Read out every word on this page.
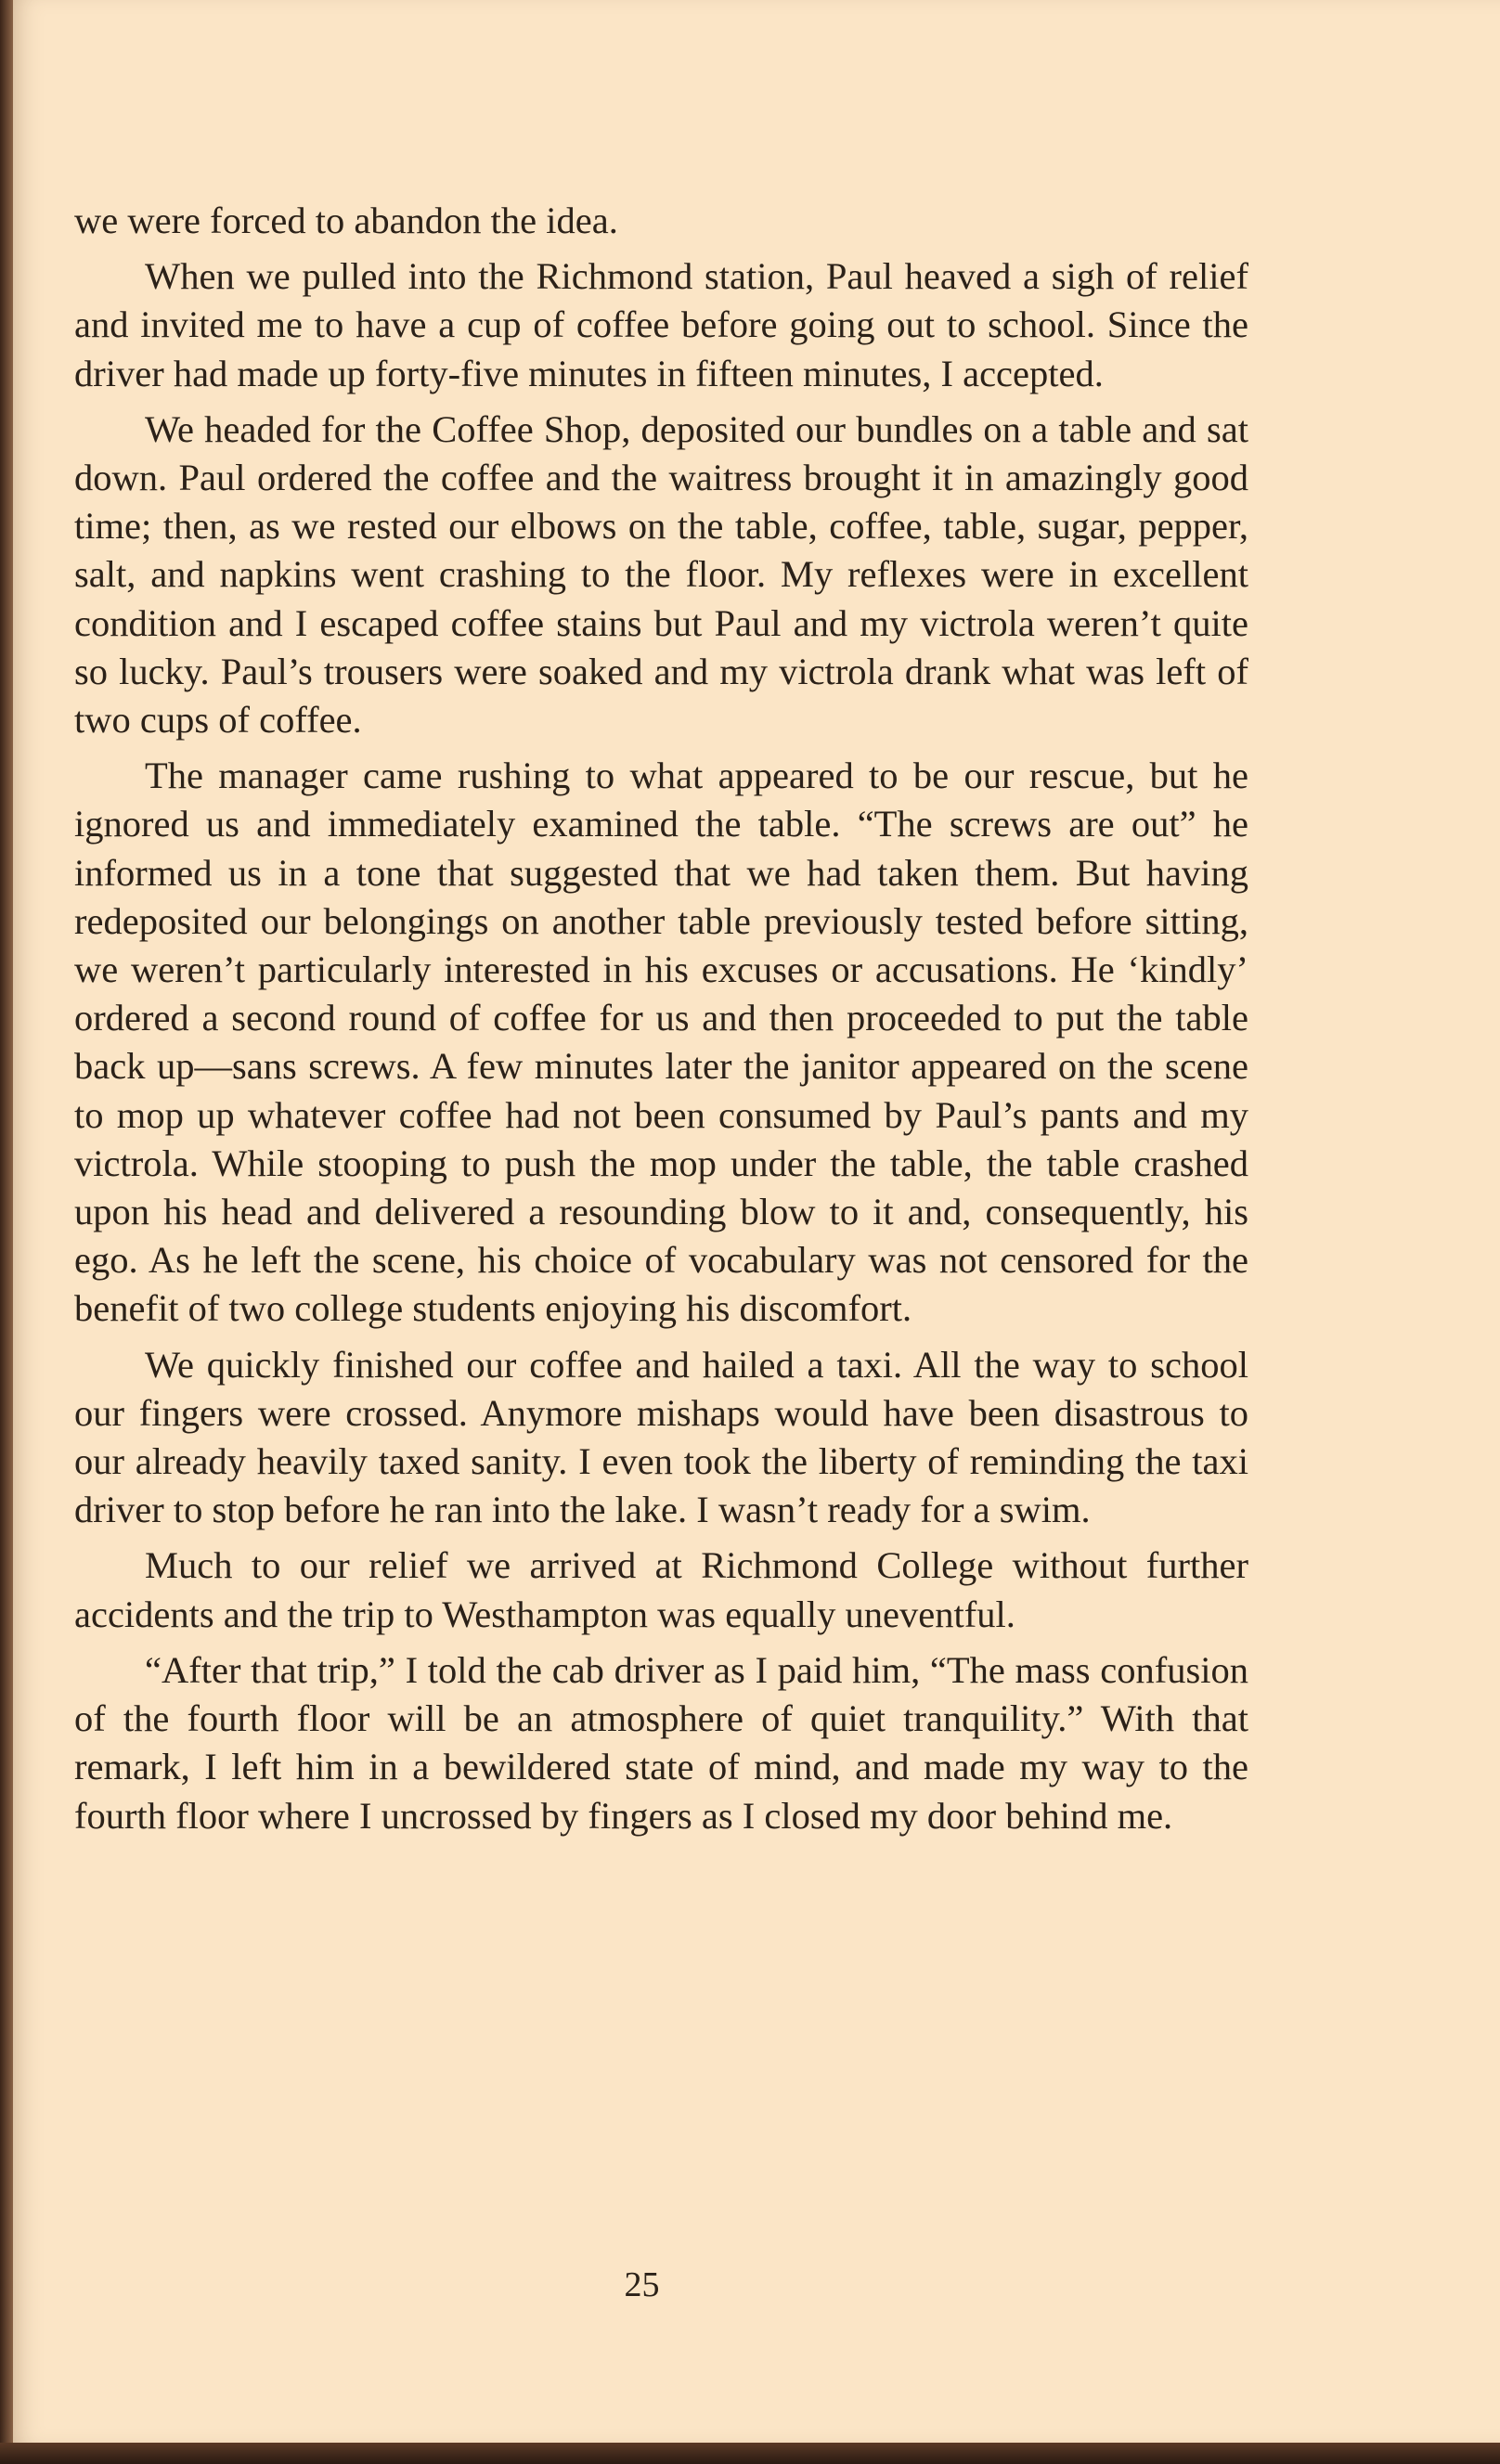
we were forced to abandon the idea.

When we pulled into the Richmond station, Paul heaved a sigh of relief and invited me to have a cup of coffee before going out to school. Since the driver had made up forty-five minutes in fifteen minutes, I accepted.

We headed for the Coffee Shop, deposited our bundles on a table and sat down. Paul ordered the coffee and the waitress brought it in amazingly good time; then, as we rested our elbows on the table, coffee, table, sugar, pepper, salt, and napkins went crashing to the floor. My reflexes were in excellent condition and I escaped coffee stains but Paul and my victrola weren’t quite so lucky. Paul’s trousers were soaked and my victrola drank what was left of two cups of coffee.

The manager came rushing to what appeared to be our rescue, but he ignored us and immediately examined the table. “The screws are out” he informed us in a tone that suggested that we had taken them. But having redeposited our belongings on another table previously tested before sitting, we weren’t particularly interested in his excuses or accusations. He ‘kindly’ ordered a second round of coffee for us and then proceeded to put the table back up—sans screws. A few minutes later the janitor appeared on the scene to mop up whatever coffee had not been consumed by Paul’s pants and my victrola. While stooping to push the mop under the table, the table crashed upon his head and delivered a resounding blow to it and, consequently, his ego. As he left the scene, his choice of vocabulary was not censored for the benefit of two college students enjoying his discomfort.

We quickly finished our coffee and hailed a taxi. All the way to school our fingers were crossed. Anymore mishaps would have been disastrous to our already heavily taxed sanity. I even took the liberty of reminding the taxi driver to stop before he ran into the lake. I wasn’t ready for a swim.

Much to our relief we arrived at Richmond College without further accidents and the trip to Westhampton was equally uneventful.

“After that trip,” I told the cab driver as I paid him, “The mass confusion of the fourth floor will be an atmosphere of quiet tranquility.” With that remark, I left him in a bewildered state of mind, and made my way to the fourth floor where I uncrossed by fingers as I closed my door behind me.

25
